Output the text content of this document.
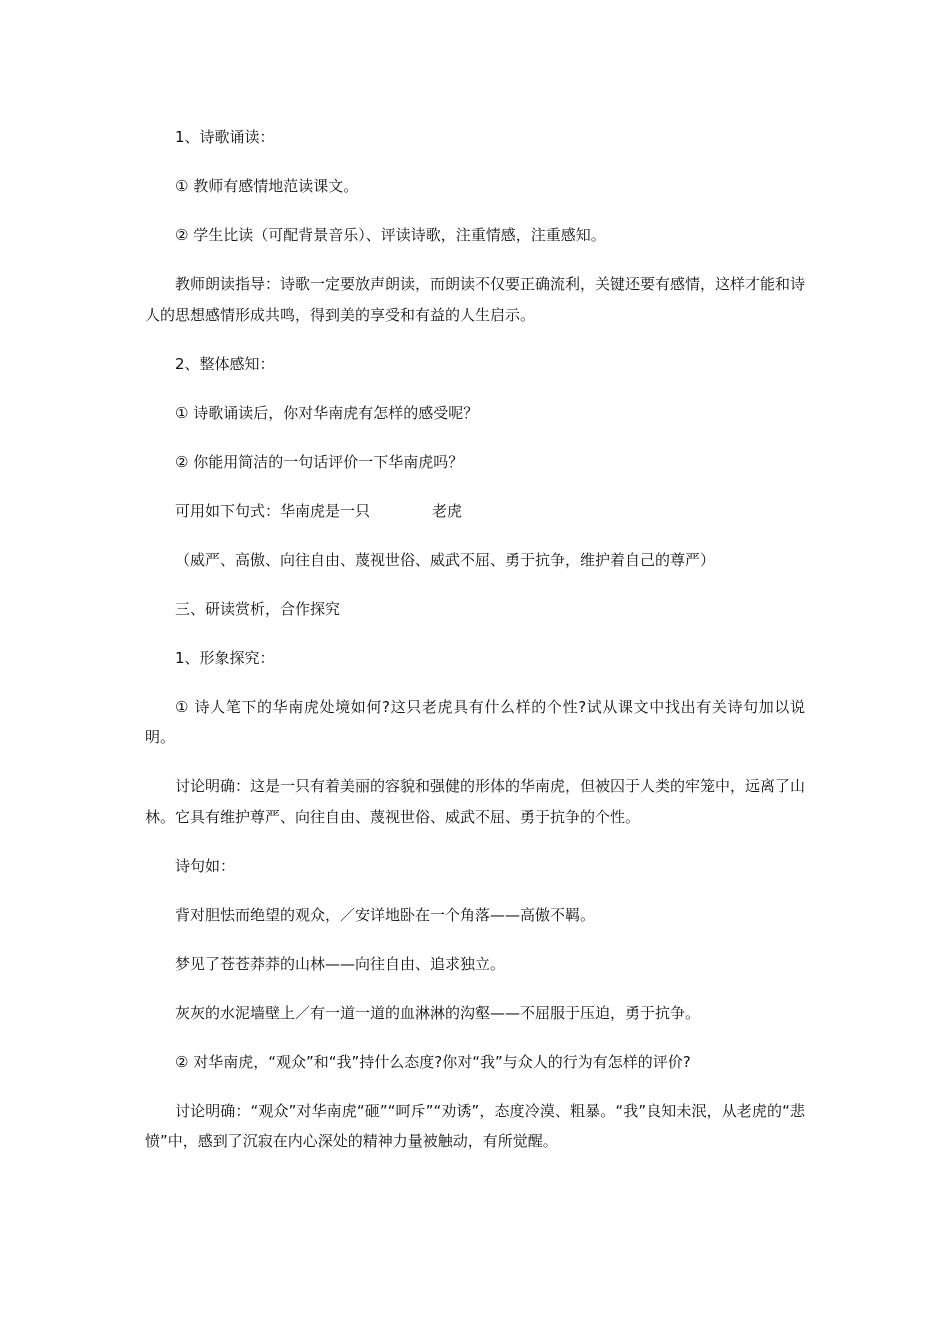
1、诗歌诵读：

① 教师有感情地范读课文。

② 学生比读（可配背景音乐）、评读诗歌，注重情感，注重感知。

教师朗读指导：诗歌一定要放声朗读，而朗读不仅要正确流利，关键还要有感情，这样才能和诗人的思想感情形成共鸣，得到美的享受和有益的人生启示。

2、整体感知：

① 诗歌诵读后，你对华南虎有怎样的感受呢？

② 你能用简洁的一句话评价一下华南虎吗？

可用如下句式：华南虎是一只	老虎

（威严、高傲、向往自由、蔑视世俗、威武不屈、勇于抗争，维护着自己的尊严）

三、研读赏析，合作探究

1、形象探究：

① 诗人笔下的华南虎处境如何?这只老虎具有什么样的个性?试从课文中找出有关诗句加以说明。

讨论明确：这是一只有着美丽的容貌和强健的形体的华南虎，但被囚于人类的牢笼中，远离了山林。它具有维护尊严、向往自由、蔑视世俗、威武不屈、勇于抗争的个性。

诗句如：

背对胆怯而绝望的观众，／安详地卧在一个角落——高傲不羁。

梦见了苍苍莽莽的山林——向往自由、追求独立。

灰灰的水泥墙壁上／有一道一道的血淋淋的沟壑——不屈服于压迫，勇于抗争。

② 对华南虎，“观众”和“我”持什么态度?你对“我”与众人的行为有怎样的评价?

讨论明确：“观众”对华南虎“砸”“呵斥”“劝诱”，态度冷漠、粗暴。“我”良知未泯，从老虎的“悲愤”中，感到了沉寂在内心深处的精神力量被触动，有所觉醒。
